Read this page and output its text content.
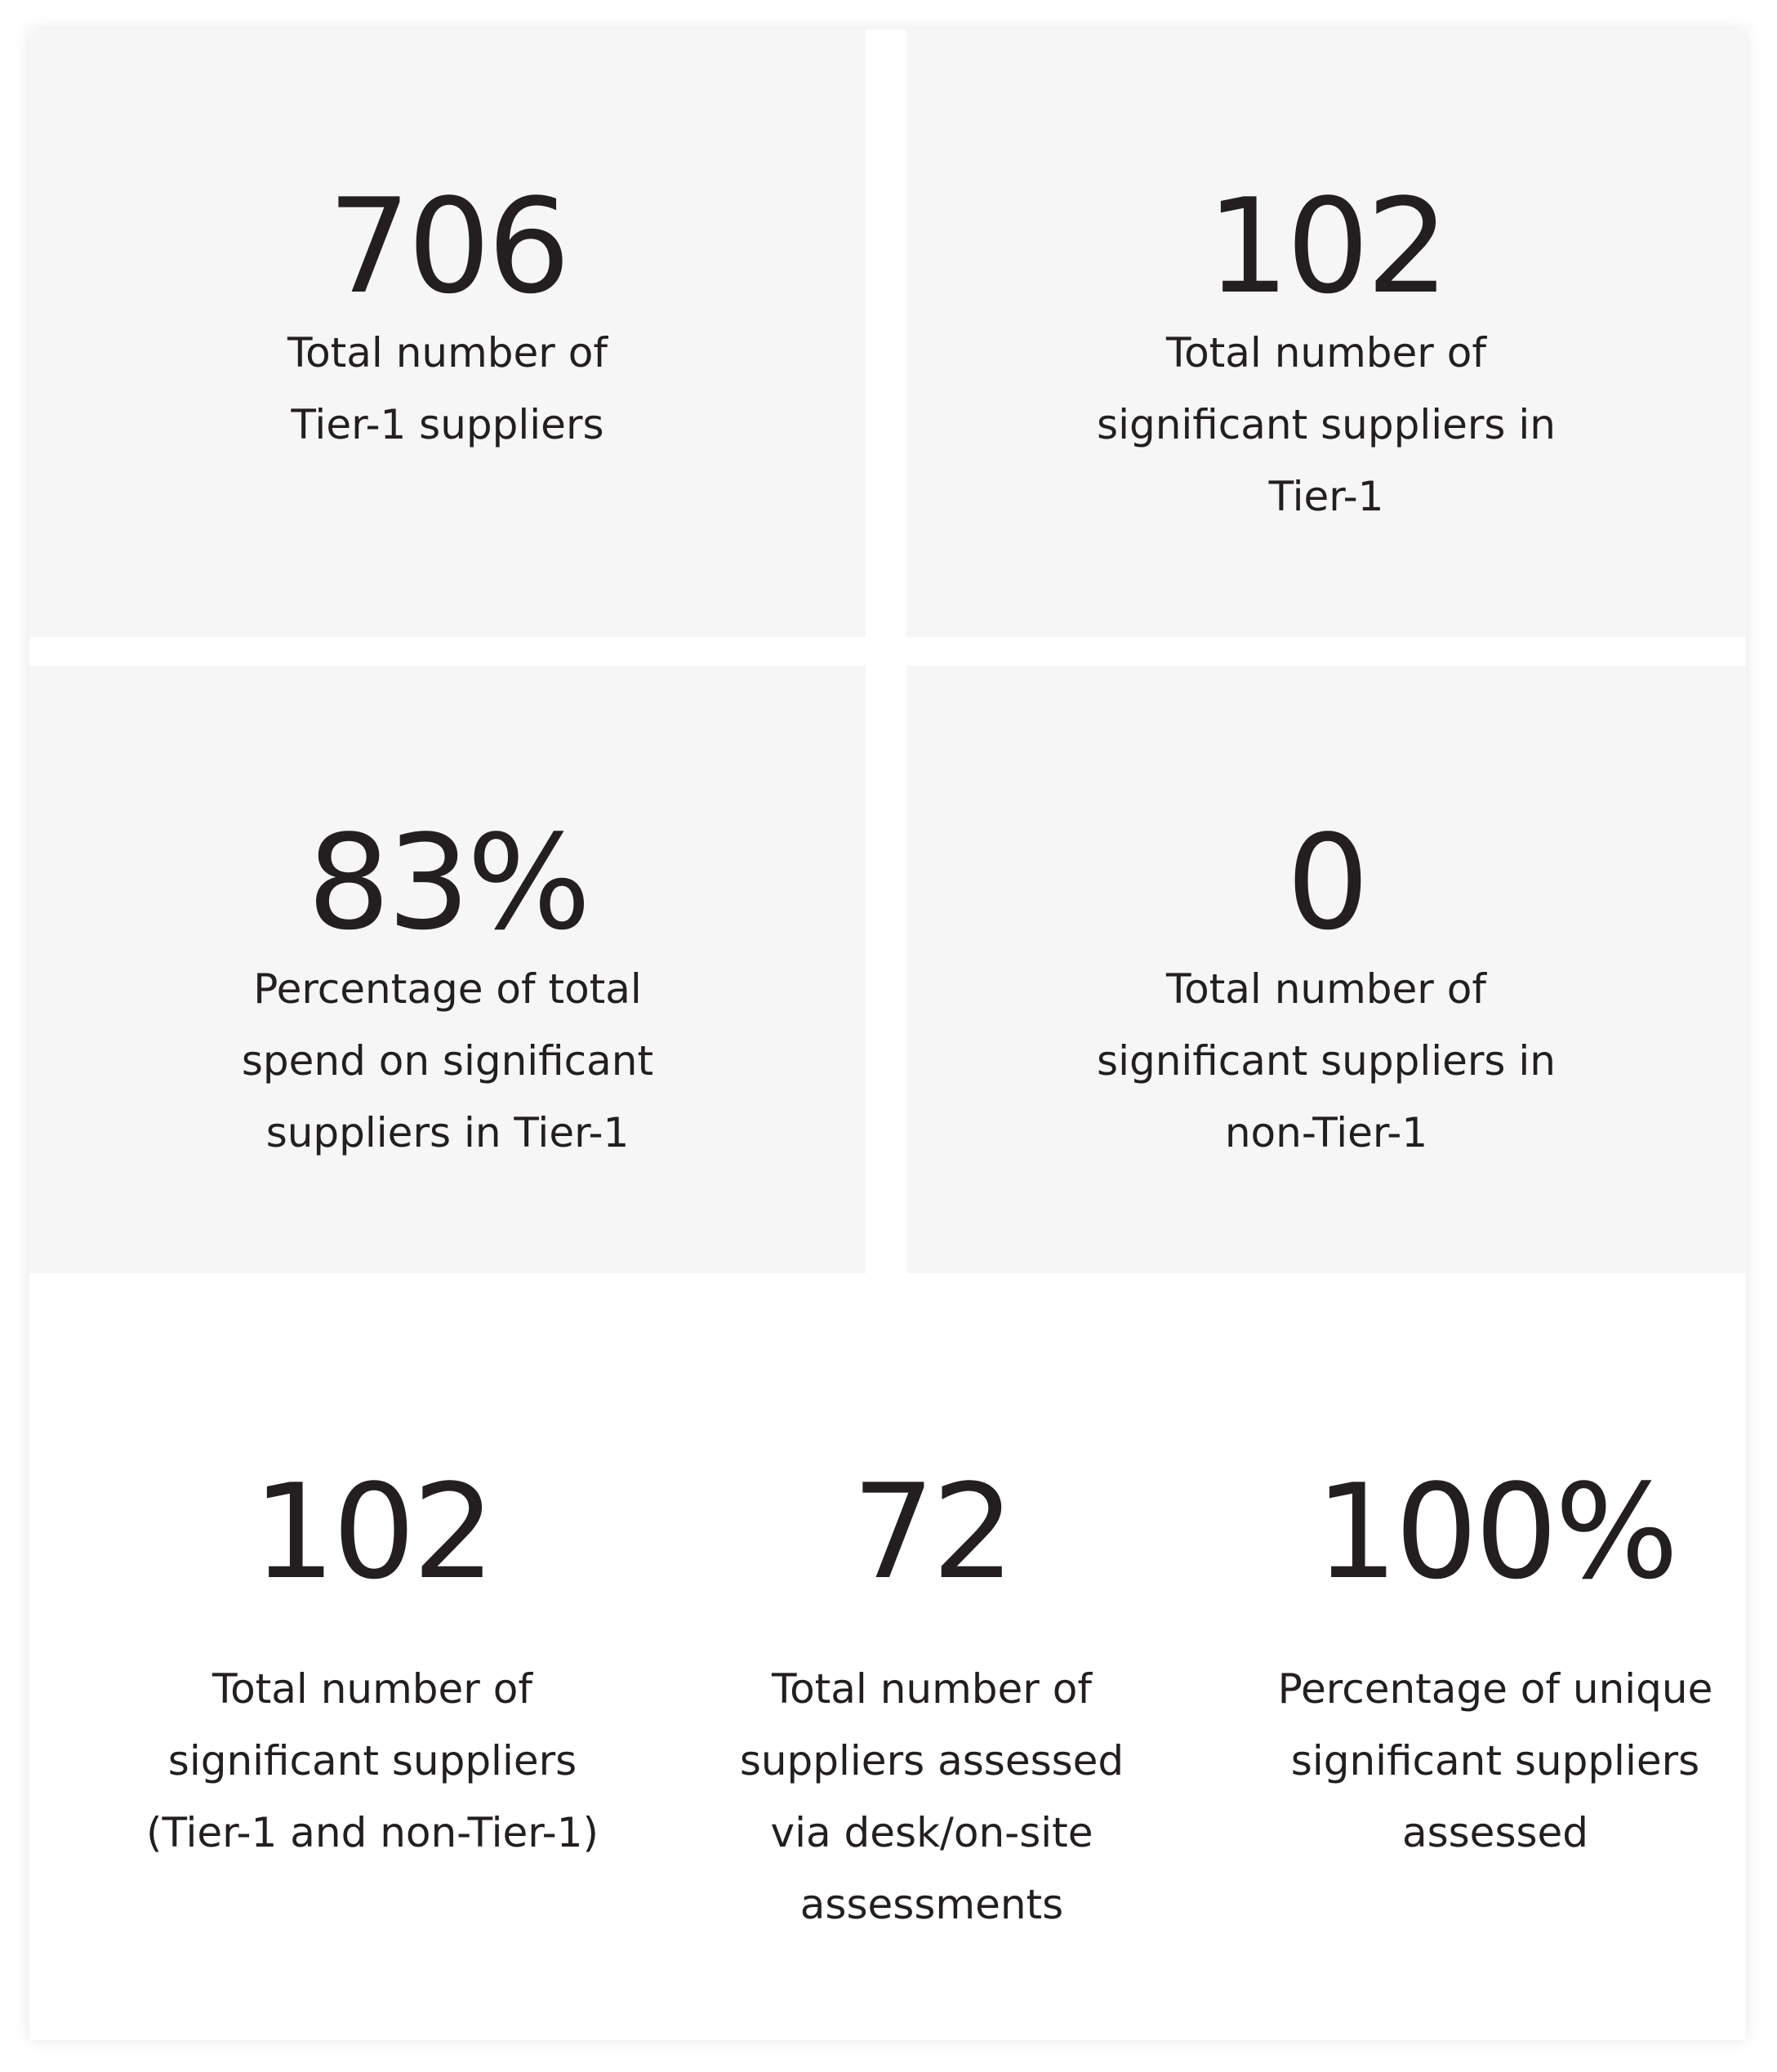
706
Total number of
Tier-1 suppliers
102
Total number of
significant suppliers in
Tier-1
83%
Percentage of total
spend on significant
suppliers in Tier-1
0
Total number of
significant suppliers in
non-Tier-1
102
Total number of
significant suppliers
(Tier-1 and non-Tier-1)
72
Total number of
suppliers assessed
via desk/on-site
assessments
100%
Percentage of unique
significant suppliers
assessed
